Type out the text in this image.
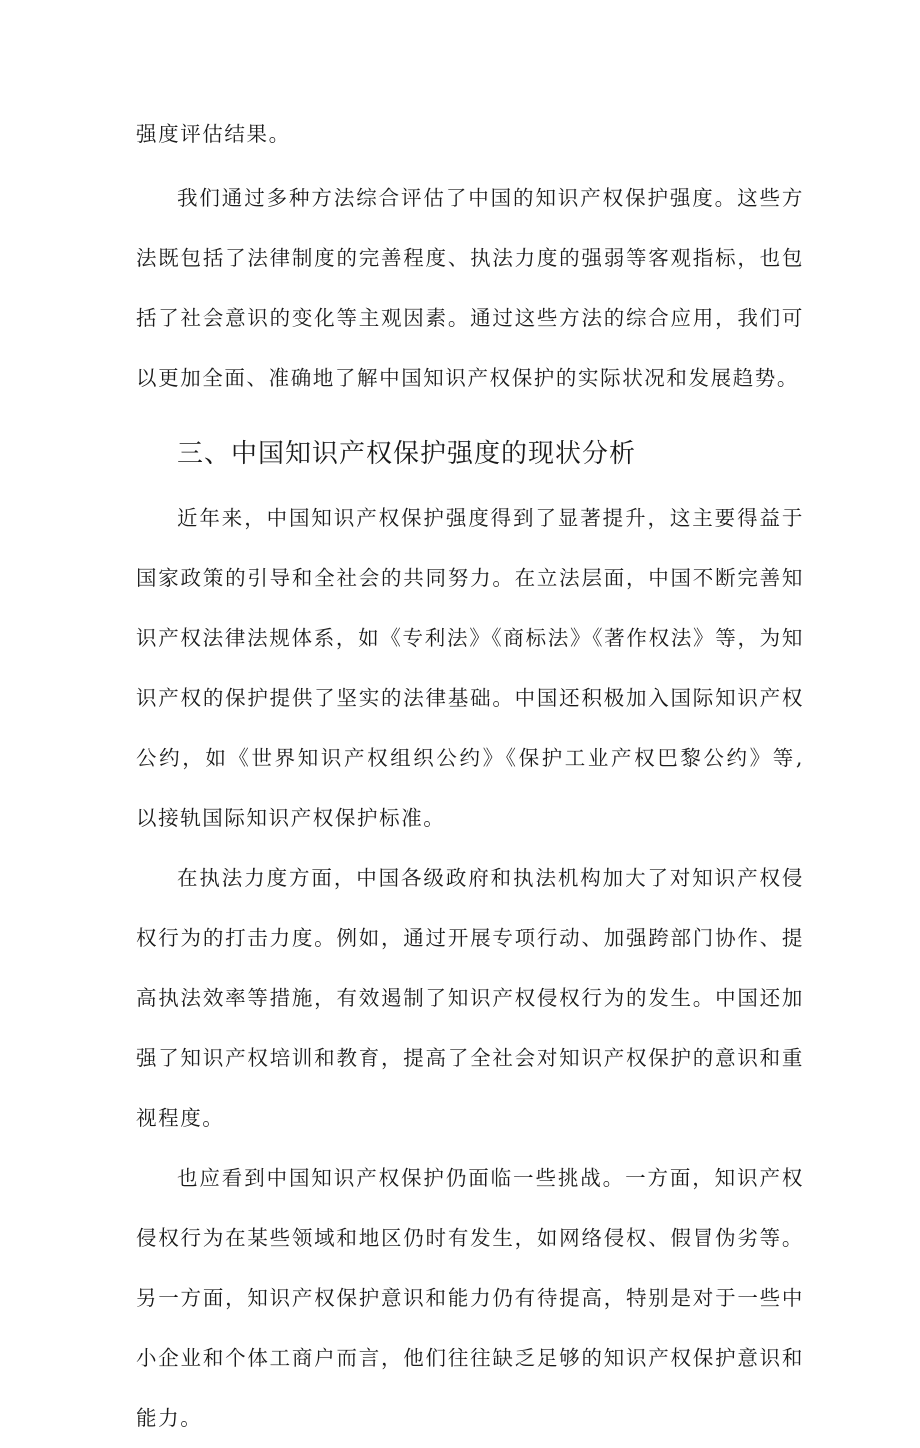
强度评估结果。

我们通过多种方法综合评估了中国的知识产权保护强度。这些方法既包括了法律制度的完善程度、执法力度的强弱等客观指标，也包括了社会意识的变化等主观因素。通过这些方法的综合应用，我们可以更加全面、准确地了解中国知识产权保护的实际状况和发展趋势。

三、中国知识产权保护强度的现状分析

近年来，中国知识产权保护强度得到了显著提升，这主要得益于国家政策的引导和全社会的共同努力。在立法层面，中国不断完善知识产权法律法规体系，如《专利法》《商标法》《著作权法》等，为知识产权的保护提供了坚实的法律基础。中国还积极加入国际知识产权公约，如《世界知识产权组织公约》《保护工业产权巴黎公约》等, 以接轨国际知识产权保护标准。

在执法力度方面，中国各级政府和执法机构加大了对知识产权侵权行为的打击力度。例如，通过开展专项行动、加强跨部门协作、提高执法效率等措施，有效遏制了知识产权侵权行为的发生。中国还加强了知识产权培训和教育，提高了全社会对知识产权保护的意识和重视程度。

也应看到中国知识产权保护仍面临一些挑战。一方面，知识产权侵权行为在某些领域和地区仍时有发生，如网络侵权、假冒伪劣等。另一方面，知识产权保护意识和能力仍有待提高，特别是对于一些中小企业和个体工商户而言，他们往往缺乏足够的知识产权保护意识和能力。
